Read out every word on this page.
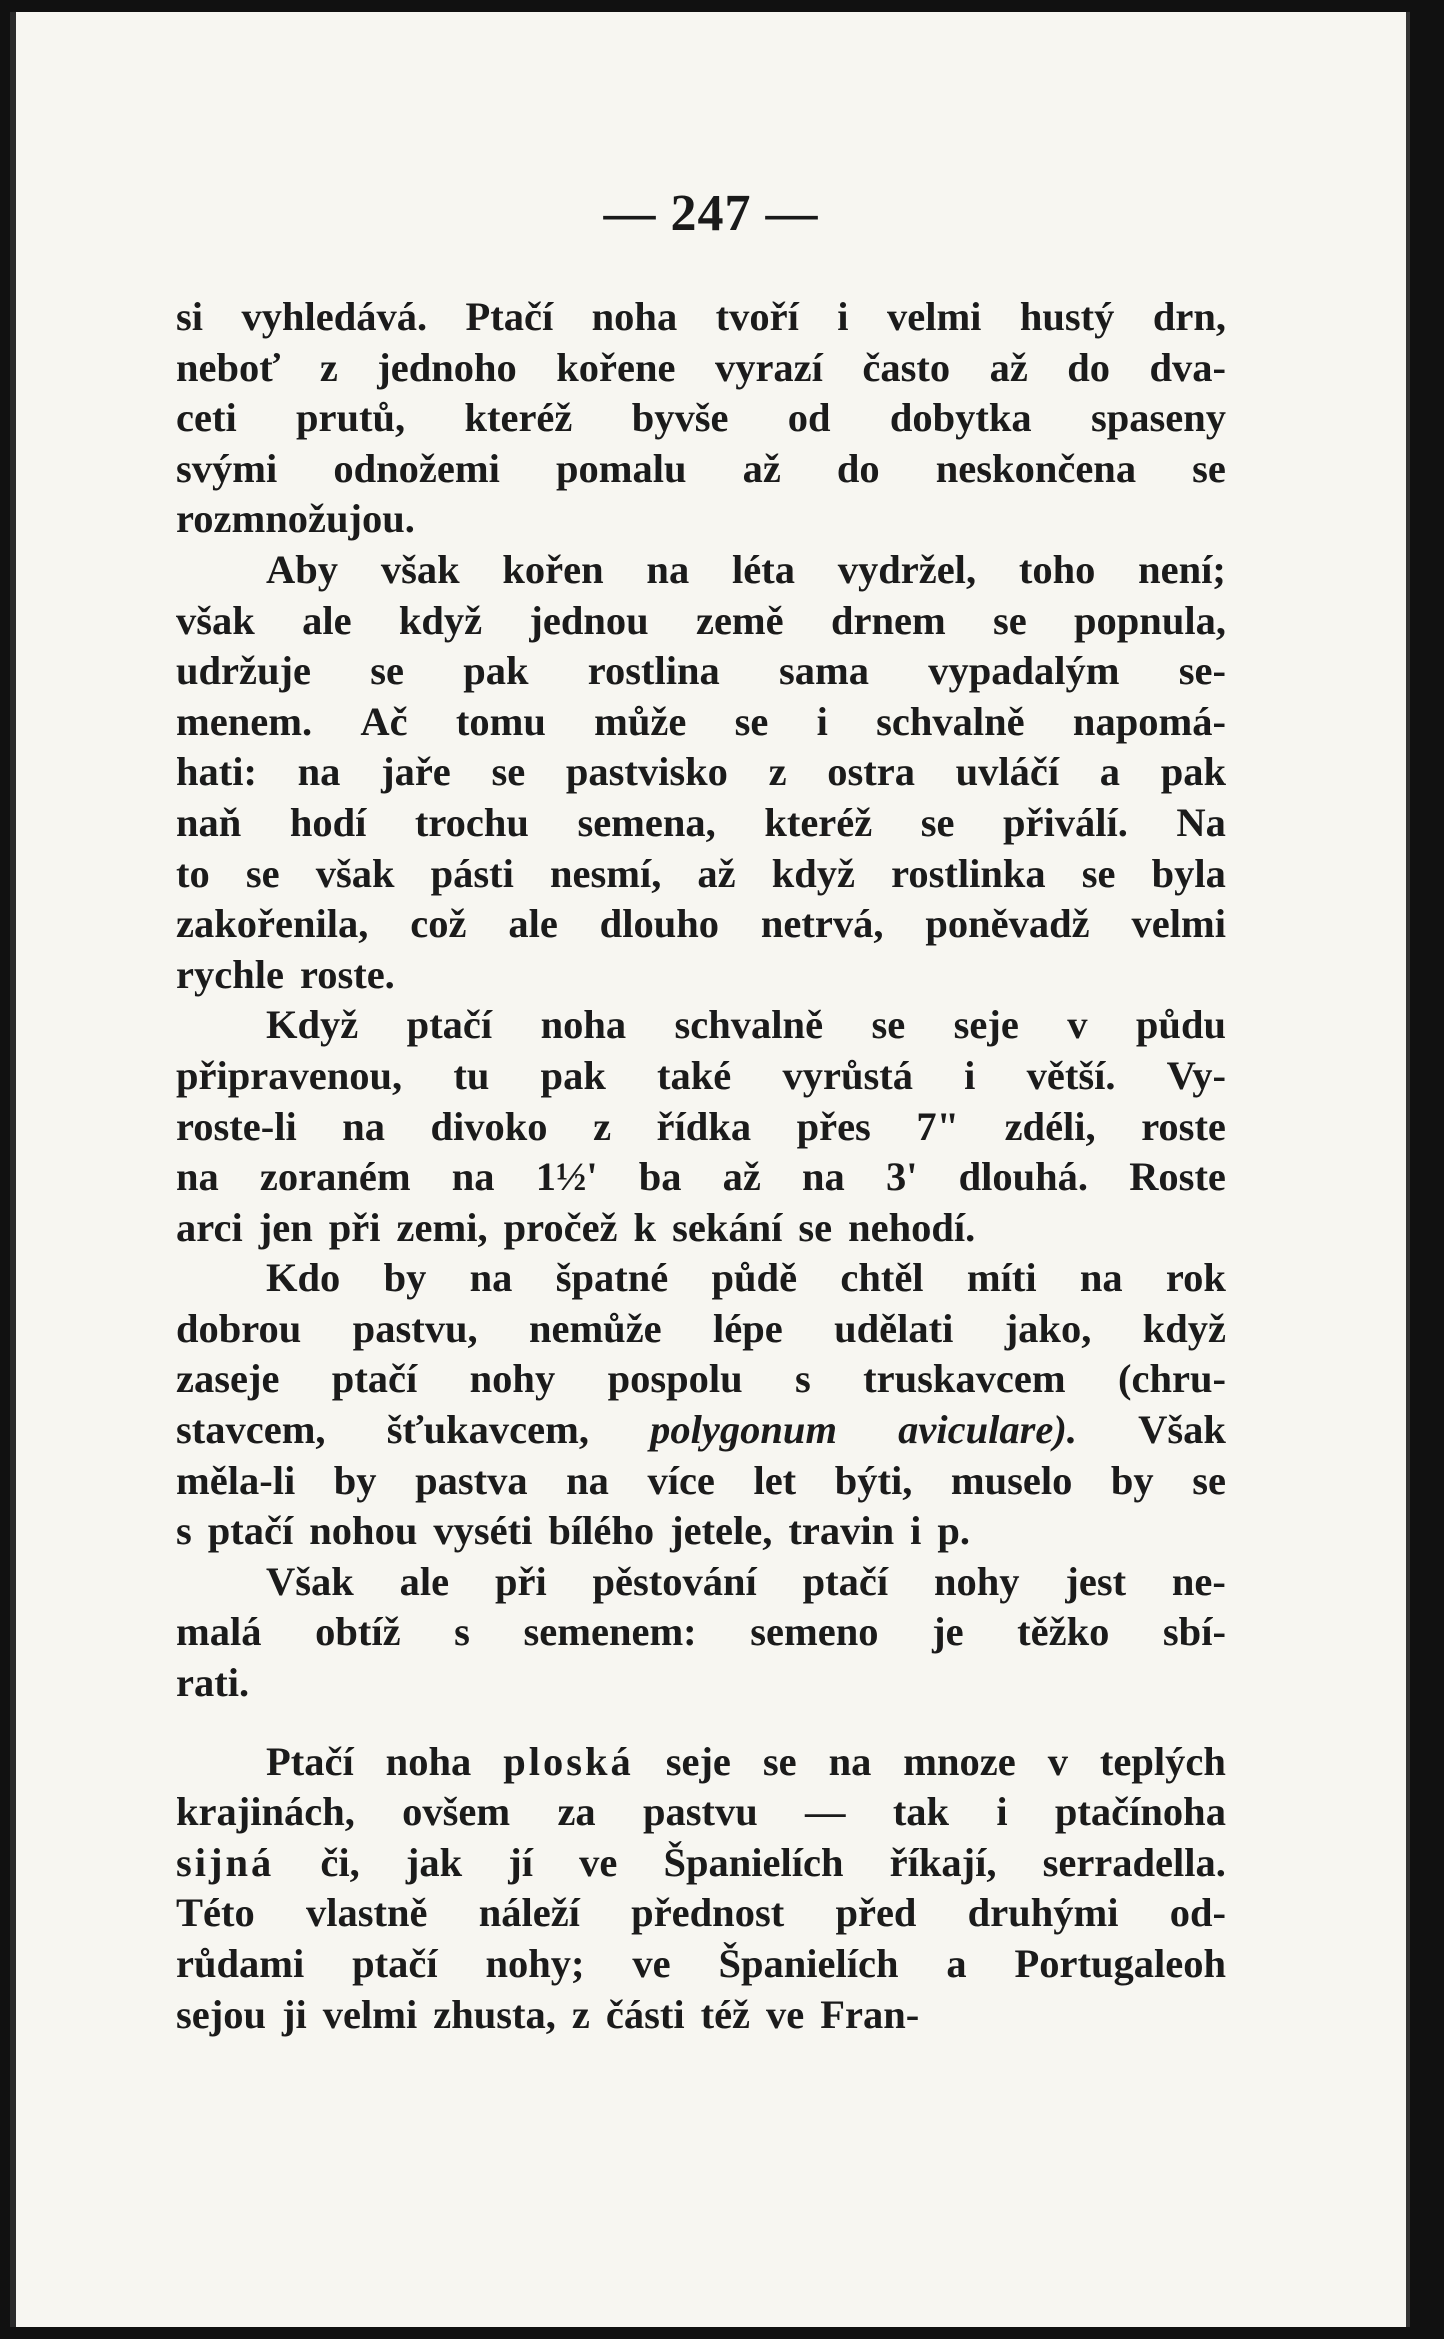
— 247 —
si vyhledává. Ptačí noha tvoří i velmi hustý drn,
neboť z jednoho kořene vyrazí často až do dva-
ceti prutů, kteréž byvše od dobytka spaseny
svými odnožemi pomalu až do neskončena se
rozmnožujou.
Aby však kořen na léta vydržel, toho není;
však ale když jednou země drnem se popnula,
udržuje se pak rostlina sama vypadalým se-
menem. Ač tomu může se i schvalně napomá-
hati: na jaře se pastvisko z ostra uvláčí a pak
naň hodí trochu semena, kteréž se přiválí. Na
to se však pásti nesmí, až když rostlinka se byla
zakořenila, což ale dlouho netrvá, poněvadž velmi
rychle roste.
Když ptačí noha schvalně se seje v půdu
připravenou, tu pak také vyrůstá i větší. Vy-
roste-li na divoko z řídka přes 7" zdéli, roste
na zoraném na 1½' ba až na 3' dlouhá. Roste
arci jen při zemi, pročež k sekání se nehodí.
Kdo by na špatné půdě chtěl míti na rok
dobrou pastvu, nemůže lépe udělati jako, když
zaseje ptačí nohy pospolu s truskavcem (chru-
stavcem, šťukavcem, polygonum aviculare). Však
měla-li by pastva na více let býti, muselo by se
s ptačí nohou vyséti bílého jetele, travin i p.
Však ale při pěstování ptačí nohy jest ne-
malá obtíž s semenem: semeno je těžko sbí-
rati.
Ptačí noha ploská seje se na mnoze v teplých
krajinách, ovšem za pastvu — tak i ptačínoha
sijná či, jak jí ve Španielích říkají, serradella.
Této vlastně náleží přednost před druhými od-
růdami ptačí nohy; ve Španielích a Portugaleoh
sejou ji velmi zhusta, z části též ve Fran-
